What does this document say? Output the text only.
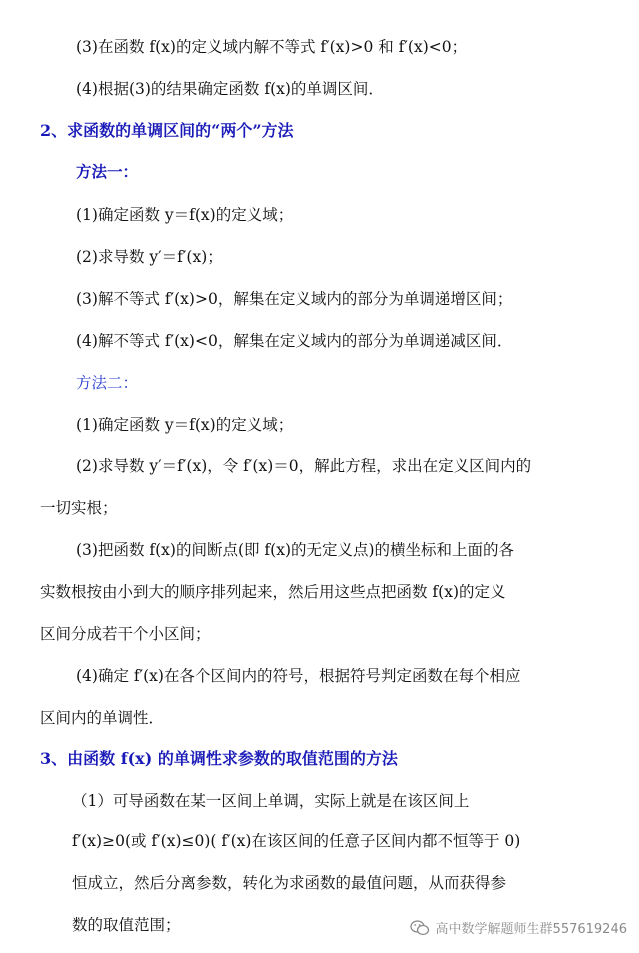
(3)在函数 f(x)的定义域内解不等式 f′(x)>0 和 f′(x)<0；
(4)根据(3)的结果确定函数 f(x)的单调区间．
2、求函数的单调区间的“两个”方法
方法一：
(1)确定函数 y＝f(x)的定义域；
(2)求导数 y′＝f′(x)；
(3)解不等式 f′(x)>0，解集在定义域内的部分为单调递增区间；
(4)解不等式 f′(x)<0，解集在定义域内的部分为单调递减区间．
方法二：
(1)确定函数 y＝f(x)的定义域；
(2)求导数 y′＝f′(x)，令 f′(x)＝0，解此方程，求出在定义区间内的
一切实根；
(3)把函数 f(x)的间断点(即 f(x)的无定义点)的横坐标和上面的各
实数根按由小到大的顺序排列起来，然后用这些点把函数 f(x)的定义
区间分成若干个小区间；
(4)确定 f′(x)在各个区间内的符号，根据符号判定函数在每个相应
区间内的单调性．
3、由函数 f(x) 的单调性求参数的取值范围的方法
（1）可导函数在某一区间上单调，实际上就是在该区间上
f′(x)≥0(或 f′(x)≤0)( f′(x)在该区间的任意子区间内都不恒等于 0)
恒成立，然后分离参数，转化为求函数的最值问题，从而获得参
数的取值范围；	高中数学解题师生群557619246
